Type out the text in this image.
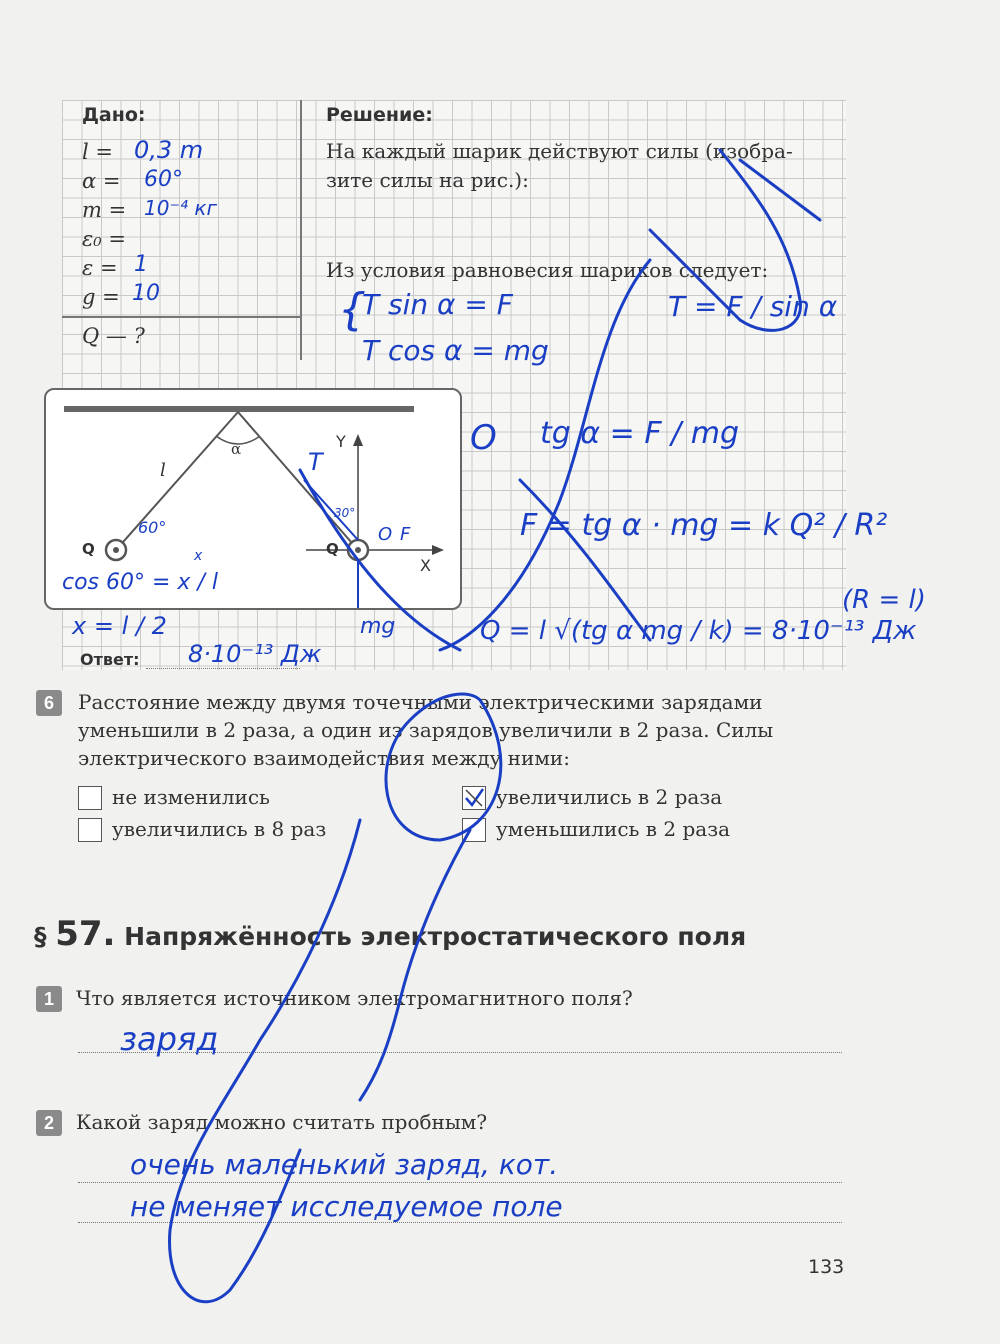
Дано:
l = 0,3 m
α = 60°
m = 10⁻⁴ кг
ε₀ =
ε = 1
g = 10
Q — ?
Решение:
На каждый шарик действуют силы (изобра-
зите силы на рис.):
Из условия равновесия шариков следует:
{
T sin α = F
T cos α = mg
T = F / sin α
O tg α = F / mg
F = tg α · mg = k Q² / R²
(R = l)
Q = l √(tg α mg / k) = 8·10⁻¹³ Дж
α
l
Y
X
Q	Q
60°
30°
T
F
O
x
mg
cos 60° = x / l
x = l / 2
Ответ: 8·10⁻¹³ Дж
6	Расстояние между двумя точечными электрическими зарядами
уменьшили в 2 раза, а один из зарядов увеличили в 2 раза. Силы
электрического взаимодействия между ними:
не изменились	увеличились в 2 раза
увеличились в 8 раз	уменьшились в 2 раза
§ 57. Напряжённость электростатического поля
1	Что является источником электромагнитного поля?
заряд
2	Какой заряд можно считать пробным?
очень маленький заряд, кот.
не меняет исследуемое поле
133
